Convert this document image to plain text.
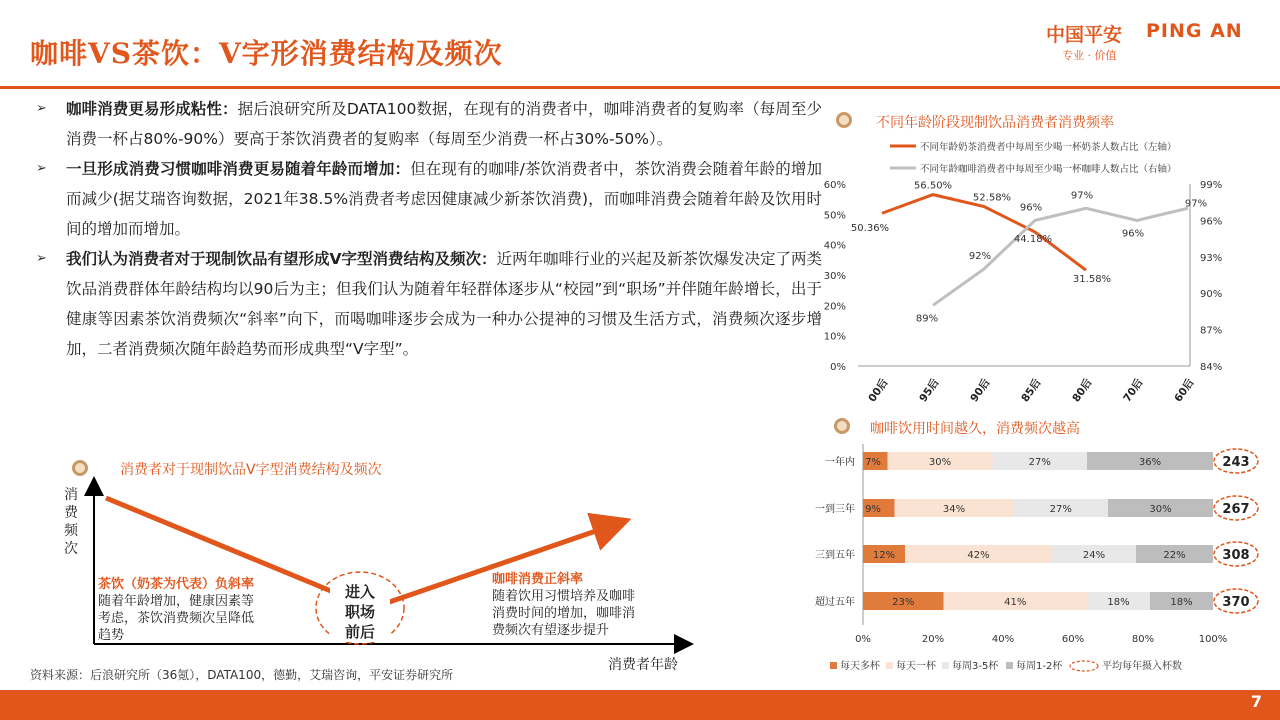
咖啡VS茶饮：V字形消费结构及频次
中国平安 PING AN
专业 · 价值
➢ 咖啡消费更易形成粘性：据后浪研究所及DATA100数据，在现有的消费者中，咖啡消费者的复购率（每周至少消费一杯占80%-90%）要高于茶饮消费者的复购率（每周至少消费一杯占30%-50%）。
➢ 一旦形成消费习惯咖啡消费更易随着年龄而增加：但在现有的咖啡/茶饮消费者中，茶饮消费会随着年龄的增加而减少(据艾瑞咨询数据，2021年38.5%消费者考虑因健康减少新茶饮消费)，而咖啡消费会随着年龄及饮用时间的增加而增加。
➢ 我们认为消费者对于现制饮品有望形成V字型消费结构及频次：近两年咖啡行业的兴起及新茶饮爆发决定了两类饮品消费群体年龄结构均以90后为主；但我们认为随着年轻群体逐步从“校园”到“职场”并伴随年龄增长，出于健康等因素茶饮消费频次“斜率”向下，而喝咖啡逐步会成为一种办公提神的习惯及生活方式，消费频次逐步增加，二者消费频次随年龄趋势而形成典型“V字型”。
消费者对于现制饮品V字型消费结构及频次
消费频次
消费者年龄
茶饮（奶茶为代表）负斜率
随着年龄增加，健康因素等
考虑，茶饮消费频次呈降低
趋势
咖啡消费正斜率
随着饮用习惯培养及咖啡
消费时间的增加，咖啡消
费频次有望逐步提升
进入
职场
前后
不同年龄阶段现制饮品消费者消费频率
不同年龄奶茶消费者中每周至少喝一杯奶茶人数占比（左轴）
不同年龄咖啡消费者中每周至少喝一杯咖啡人数占比（右轴）
0%
10%
20%
30%
40%
50%
60%
84%
87%
90%
93%
96%
99%
00后	95后	90后	85后	80后	70后	60后
50.36%
56.50%
52.58%
44.18%
31.58%
89%
92%
96%
97%
96%
97%
咖啡饮用时间越久，消费频次越高
0%	20%	40%	60%	80%	100%
一年内 7%	30%	27%	36%	243
一到三年 9%	34%	27%	30%	267
三到五年 12%	42%	24%	22%	308
超过五年	23%	41%	18%	18% 370
每天多杯 每天一杯 每周3-5杯 每周1-2杯	平均每年摄入杯数
资料来源：后浪研究所（36氪），DATA100，德勤，艾瑞咨询，平安证券研究所
7
